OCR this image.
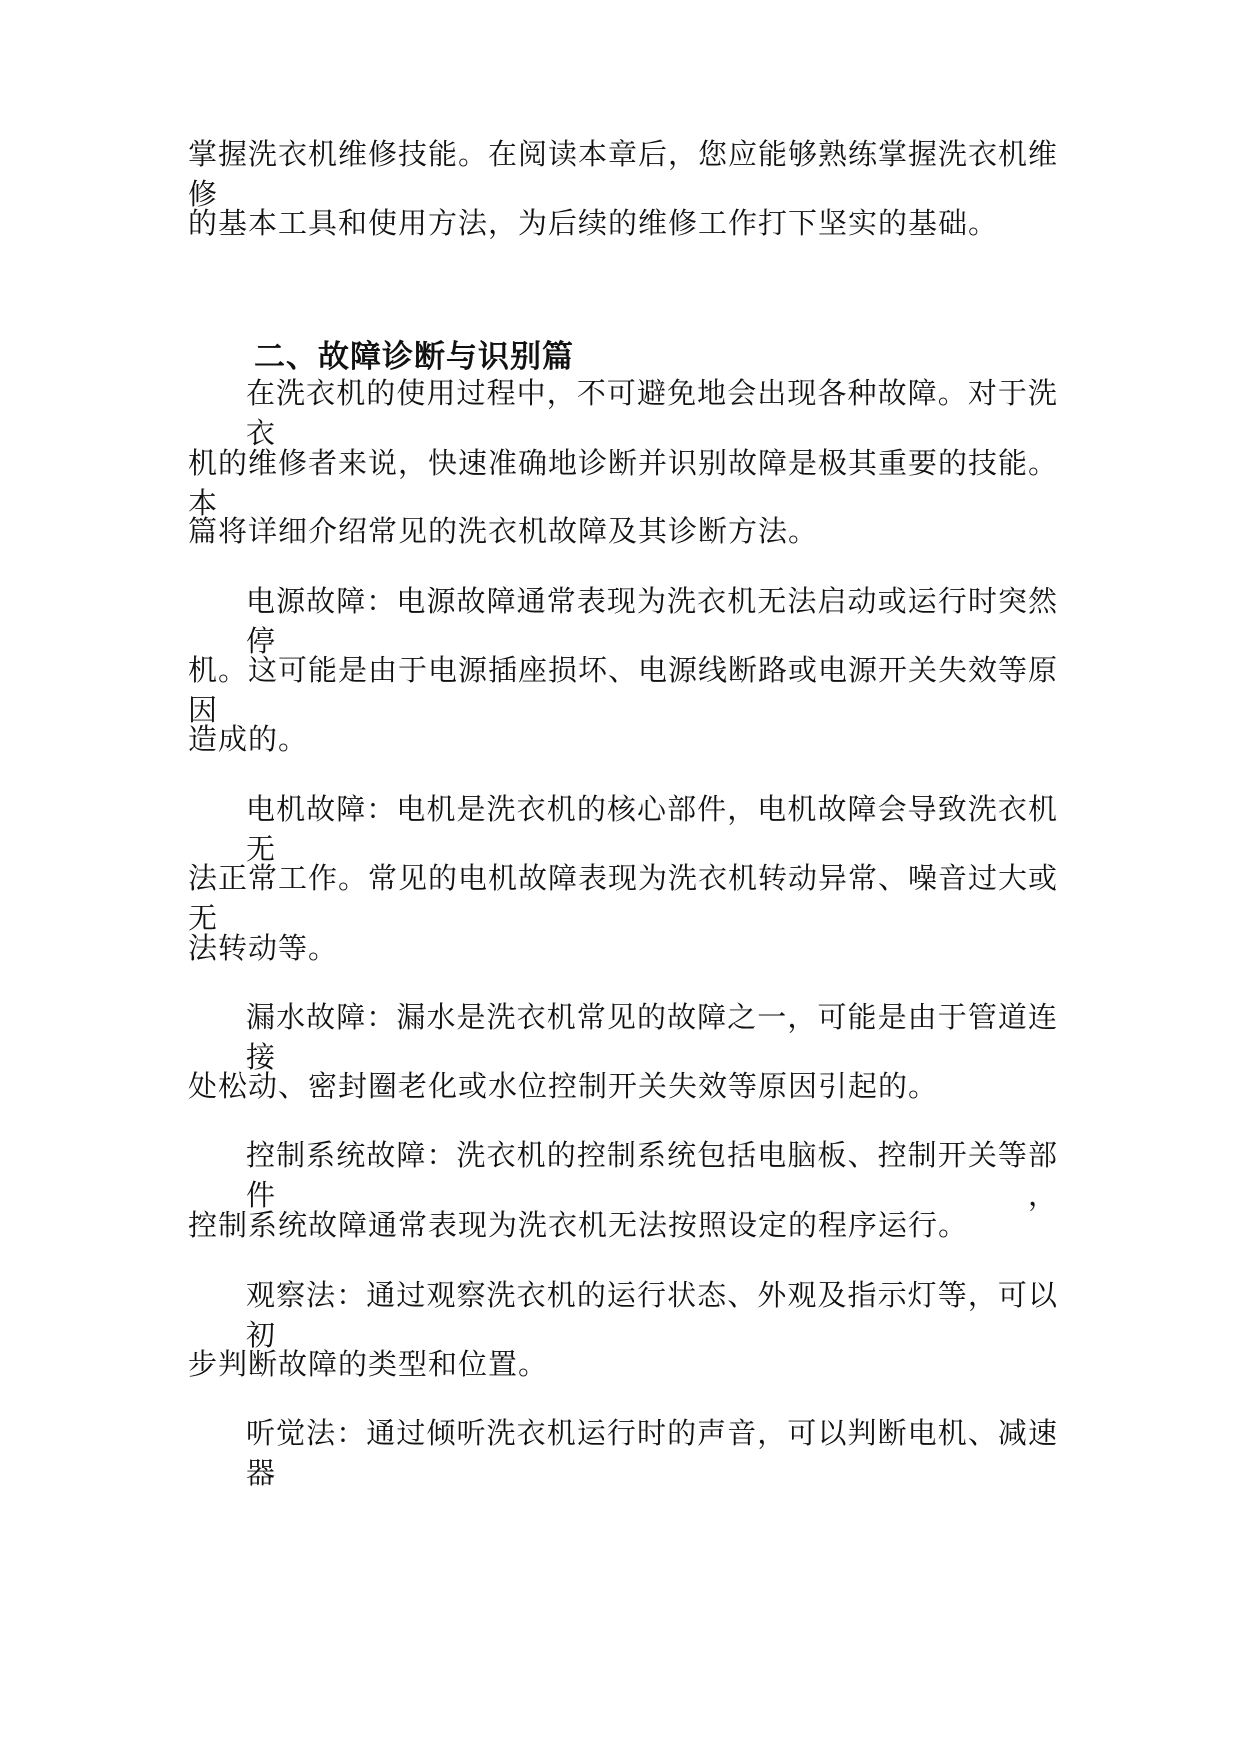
掌握洗衣机维修技能。在阅读本章后，您应能够熟练掌握洗衣机维修
的基本工具和使用方法，为后续的维修工作打下坚实的基础。
二、故障诊断与识别篇
在洗衣机的使用过程中，不可避免地会出现各种故障。对于洗衣
机的维修者来说，快速准确地诊断并识别故障是极其重要的技能。本
篇将详细介绍常见的洗衣机故障及其诊断方法。
电源故障：电源故障通常表现为洗衣机无法启动或运行时突然停
机。这可能是由于电源插座损坏、电源线断路或电源开关失效等原因
造成的。
电机故障：电机是洗衣机的核心部件，电机故障会导致洗衣机无
法正常工作。常见的电机故障表现为洗衣机转动异常、噪音过大或无
法转动等。
漏水故障：漏水是洗衣机常见的故障之一，可能是由于管道连接
处松动、密封圈老化或水位控制开关失效等原因引起的。
控制系统故障：洗衣机的控制系统包括电脑板、控制开关等部件，
控制系统故障通常表现为洗衣机无法按照设定的程序运行。
观察法：通过观察洗衣机的运行状态、外观及指示灯等，可以初
步判断故障的类型和位置。
听觉法：通过倾听洗衣机运行时的声音，可以判断电机、减速器
